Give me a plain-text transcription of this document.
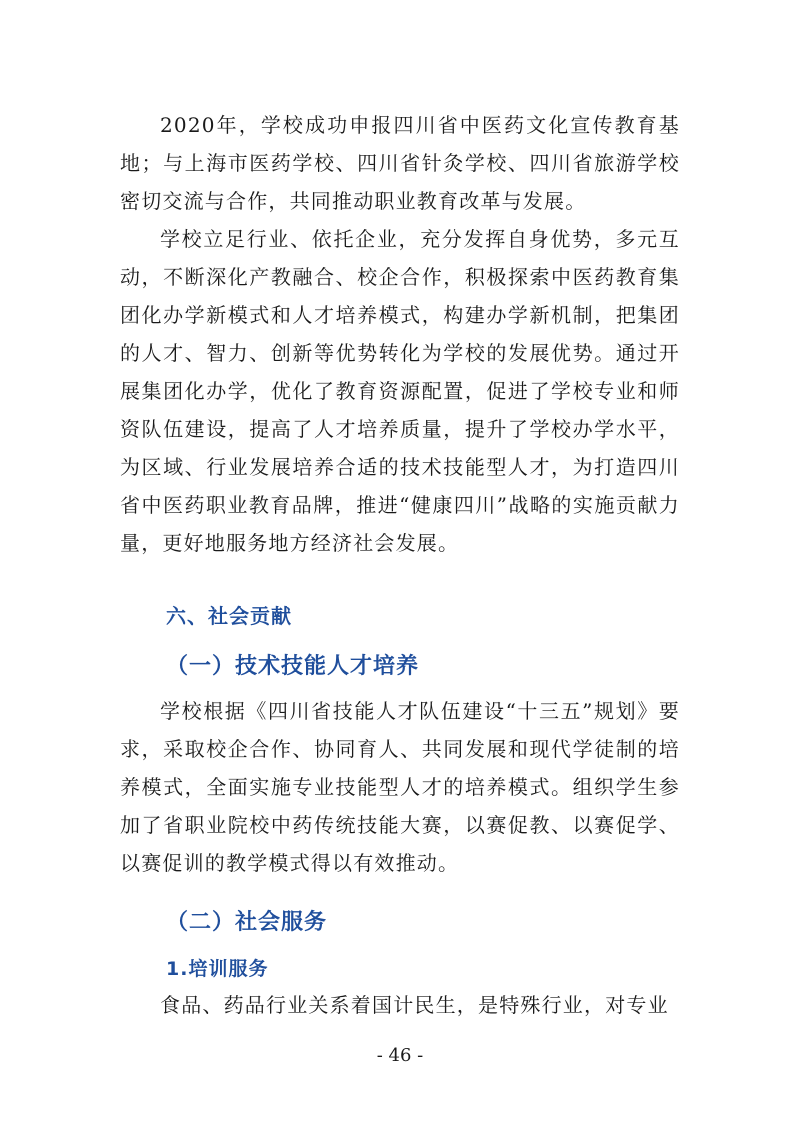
2020年，学校成功申报四川省中医药文化宣传教育基地；与上海市医药学校、四川省针灸学校、四川省旅游学校密切交流与合作，共同推动职业教育改革与发展。

学校立足行业、依托企业，充分发挥自身优势，多元互动，不断深化产教融合、校企合作，积极探索中医药教育集团化办学新模式和人才培养模式，构建办学新机制，把集团的人才、智力、创新等优势转化为学校的发展优势。通过开展集团化办学，优化了教育资源配置，促进了学校专业和师资队伍建设，提高了人才培养质量，提升了学校办学水平，为区域、行业发展培养合适的技术技能型人才，为打造四川省中医药职业教育品牌，推进“健康四川”战略的实施贡献力量，更好地服务地方经济社会发展。

六、社会贡献
（一）技术技能人才培养

学校根据《四川省技能人才队伍建设“十三五”规划》要求，采取校企合作、协同育人、共同发展和现代学徒制的培养模式，全面实施专业技能型人才的培养模式。组织学生参加了省职业院校中药传统技能大赛，以赛促教、以赛促学、以赛促训的教学模式得以有效推动。

（二）社会服务
1.培训服务

食品、药品行业关系着国计民生，是特殊行业，对专业

- 46 -
